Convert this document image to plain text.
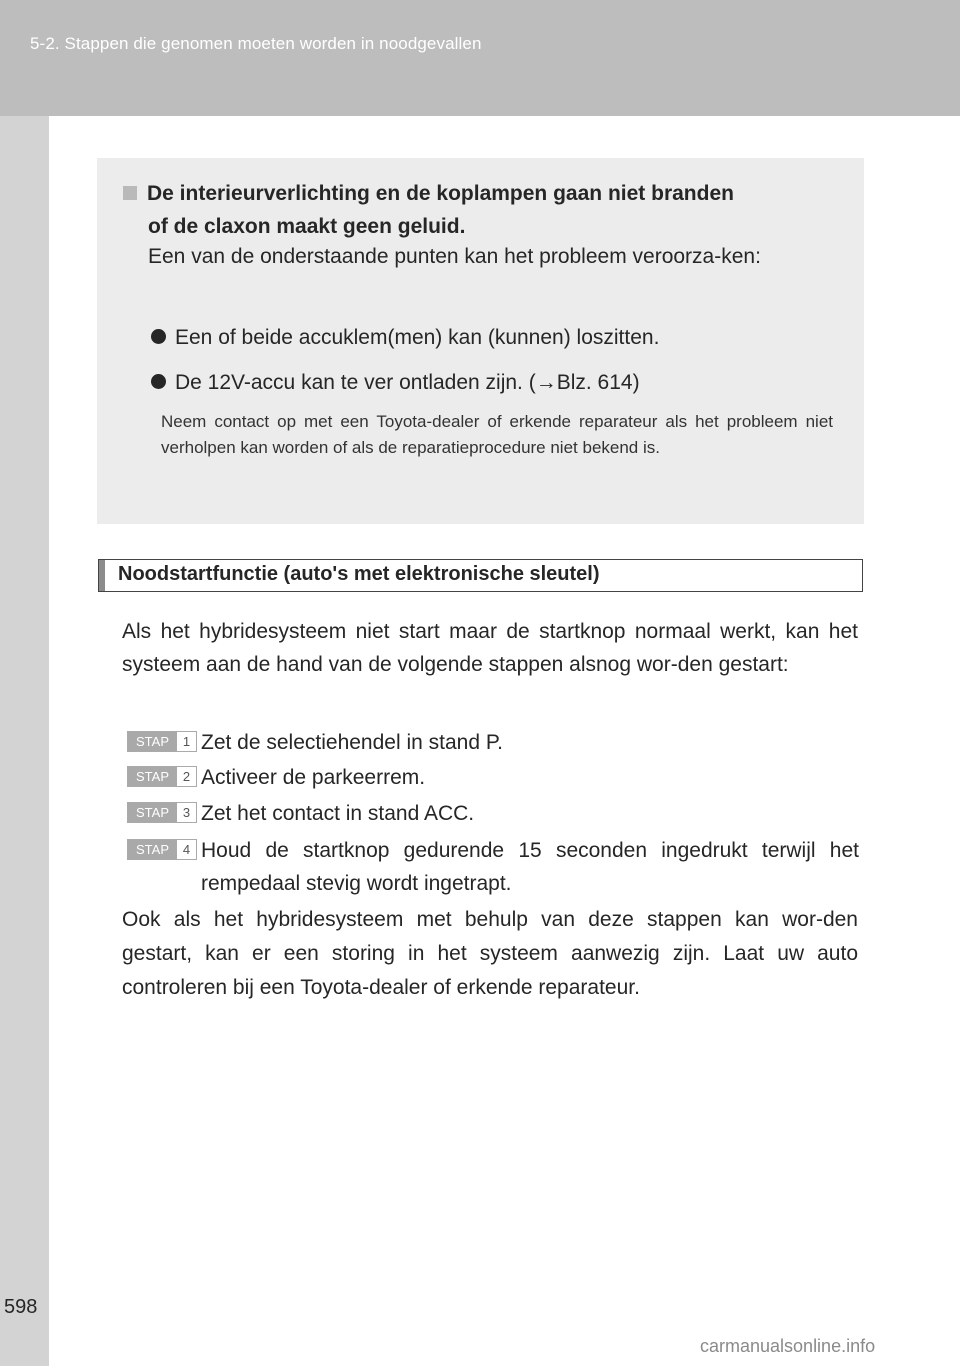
5-2. Stappen die genomen moeten worden in noodgevallen
598
De interieurverlichting en de koplampen gaan niet branden
of de claxon maakt geen geluid.
Een van de onderstaande punten kan het probleem veroorza-ken:
Een of beide accuklem(men) kan (kunnen) loszitten.
De 12V-accu kan te ver ontladen zijn. (→Blz. 614)
Neem contact op met een Toyota-dealer of erkende reparateur als het probleem niet verholpen kan worden of als de reparatieprocedure niet bekend is.
Noodstartfunctie (auto's met elektronische sleutel)
Als het hybridesysteem niet start maar de startknop normaal werkt, kan het systeem aan de hand van de volgende stappen alsnog wor-den gestart:
STAP	1 Zet de selectiehendel in stand P.
STAP	2 Activeer de parkeerrem.
STAP	3 Zet het contact in stand ACC.
STAP	4 Houd de startknop gedurende 15 seconden ingedrukt terwijl het rempedaal stevig wordt ingetrapt.
Ook als het hybridesysteem met behulp van deze stappen kan wor-den gestart, kan er een storing in het systeem aanwezig zijn. Laat uw auto controleren bij een Toyota-dealer of erkende reparateur.
carmanualsonline.info
